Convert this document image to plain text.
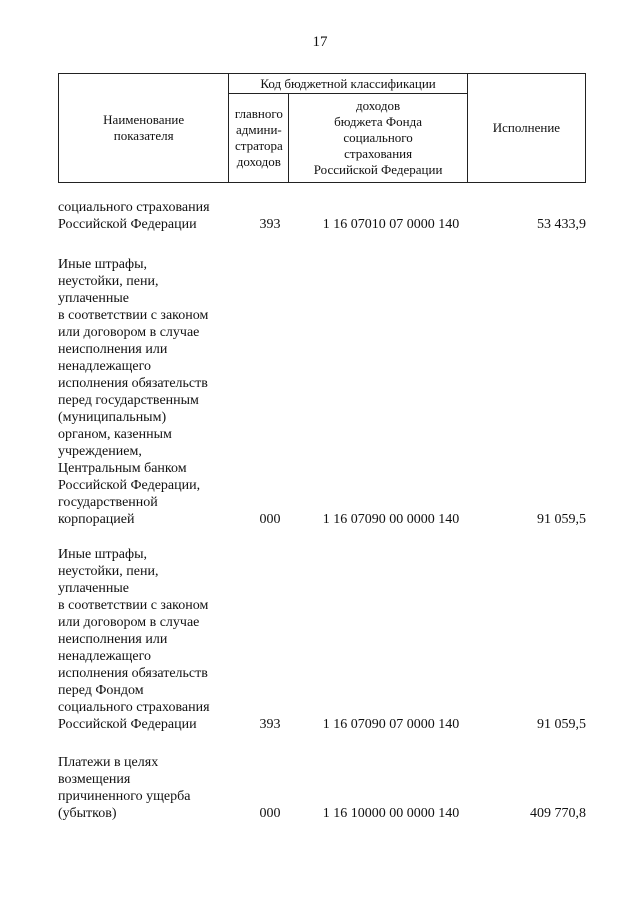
17
Наименование
показателя	Код бюджетной классификации		Исполнение

	главного
админи-
стратора
доходов	доходов
бюджета Фонда
социального
страхования
Российской Федерации	
социального страхования
Российской Федерации	393	1 16 07010 07 0000 140	53 433,9
Иные штрафы,
неустойки, пени,
уплаченные
в соответствии с законом
или договором в случае
неисполнения или
ненадлежащего
исполнения обязательств
перед государственным
(муниципальным)
органом, казенным
учреждением,
Центральным банком
Российской Федерации,
государственной
корпорацией	000	1 16 07090 00 0000 140	91 059,5
Иные штрафы,
неустойки, пени,
уплаченные
в соответствии с законом
или договором в случае
неисполнения или
ненадлежащего
исполнения обязательств
перед Фондом
социального страхования
Российской Федерации	393	1 16 07090 07 0000 140	91 059,5
Платежи в целях
возмещения
причиненного ущерба
(убытков)	000	1 16 10000 00 0000 140	409 770,8
